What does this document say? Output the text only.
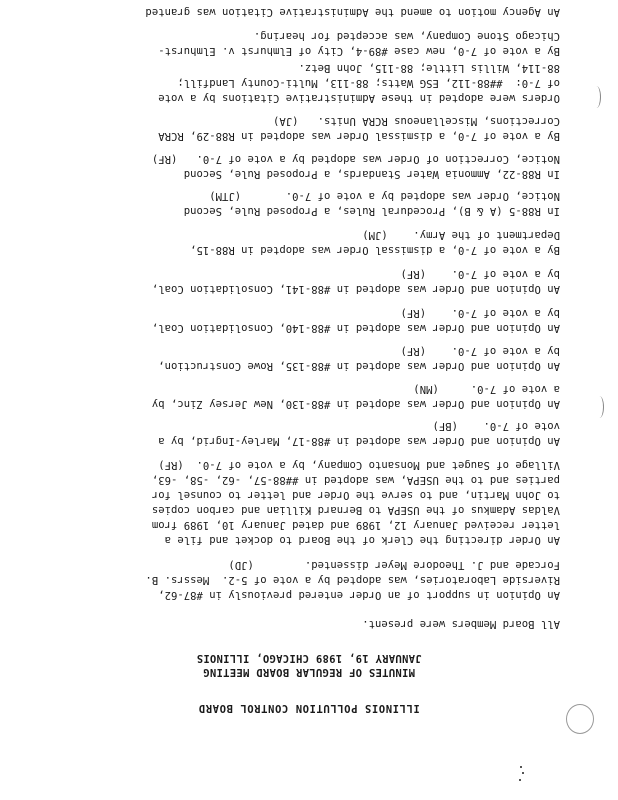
ILLINOIS POLLUTION CONTROL BOARD
MINUTES OF REGULAR BOARD MEETING
JANUARY 19, 1989 CHICAGO, ILLINOIS
All Board Members were present.
An Opinion in support of an Order entered previously in #87-62,
Riverside Laboratories, was adopted by a vote of 5-2.  Messrs. B.
Forcade and J. Theodore Meyer dissented.        (JD)
An Order directing the Clerk of the Board to docket and file a
letter received January 12, 1989 and dated January 10, 1989 from
Valdas Adamkus of the USEPA to Bernard Killian and carbon copies
to John Martin, and to serve the Order and letter to counsel for
parties and to the USEPA, was adopted in ##88-57, -62, -58, -63,
Village of Sauget and Monsanto Company, by a vote of 7-0.  (RF)
An Opinion and Order was adopted in #88-17, Marley-Ingrid, by a
vote of 7-0.    (BF)
An Opinion and Order was adopted in #88-130, New Jersey Zinc, by
a vote of 7-0.     (MN)
An Opinion and Order was adopted in #88-135, Rowe Construction,
by a vote of 7-0.    (RF)
An Opinion and Order was adopted in #88-140, Consolidation Coal,
by a vote of 7-0.    (RF)
An Opinion and Order was adopted in #88-141, Consolidation Coal,
by a vote of 7-0.    (RF)
By a vote of 7-0, a dismissal Order was adopted in R88-15,
Department of the Army.    (JM)
In R88-5 (A & B), Procedural Rules, a Proposed Rule, Second
Notice, Order was adopted by a vote of 7-0.       (JTM)
In R88-22, Ammonia Water Standards, a Proposed Rule, Second
Notice, Correction of Order was adopted by a vote of 7-0.   (RF)
By a vote of 7-0, a dismissal Order was adopted in R88-29, RCRA
Corrections, Miscellaneous RCRA Units.   (JA)
Orders were adopted in these Administrative Citations by a vote
of 7-0:  ##88-112, ESG Watts; 88-113, Multi-County Landfill;
88-114, Willis Little; 88-115, John Betz.
By a vote of 7-0, new case #89-4, City of Elmhurst v. Elmhurst-
Chicago Stone Company, was accepted for hearing.
An Agency motion to amend the Administrative Citation was granted
